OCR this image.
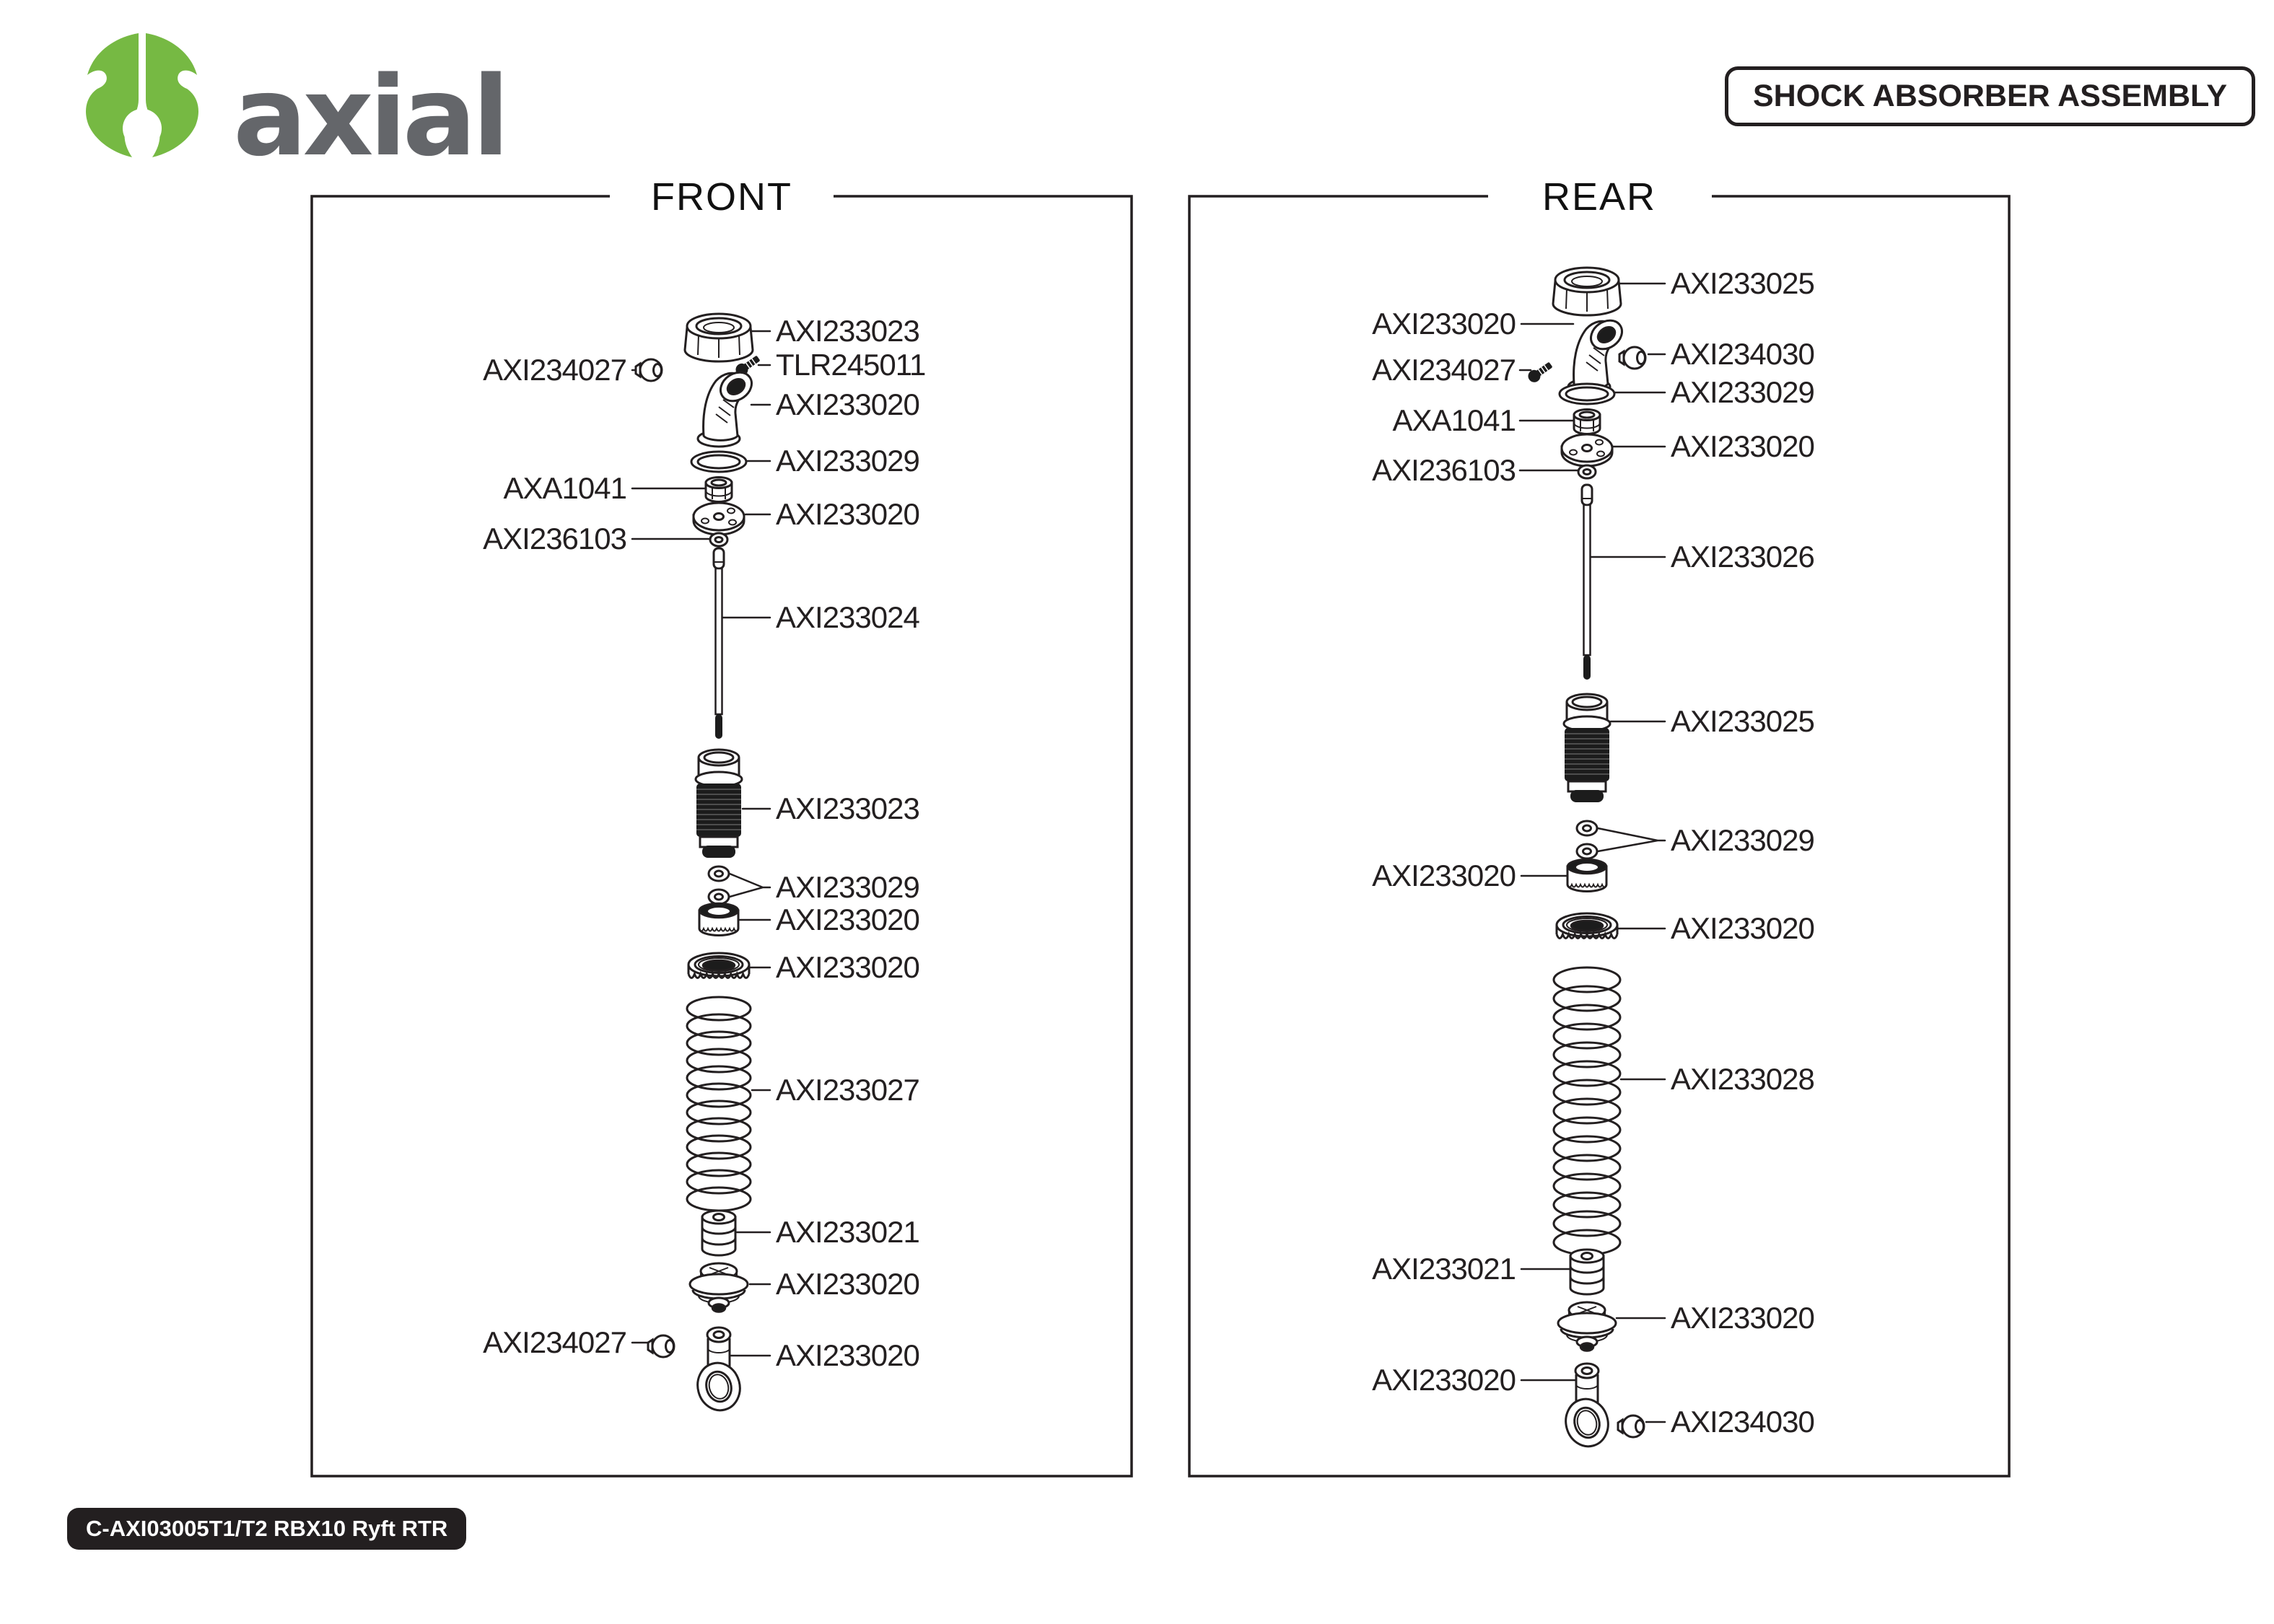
axial	SHOCK ABSORBER ASSEMBLY
FRONT
AXI233023
TLR245011
AXI234027
AXI233020
AXI233029
AXA1041
AXI233020
AXI236103
AXI233024
AXI233023
AXI233029
AXI233020
AXI233020
AXI233027
AXI233021
AXI233020
AXI234027	AXI233020
REAR
AXI233025
AXI233020
AXI234030
AXI234027
AXI233029
AXA1041
AXI233020
AXI236103
AXI233026
AXI233025
AXI233029
AXI233020
AXI233020
AXI233028
AXI233021
AXI233020
AXI233020
AXI234030
C-AXI03005T1/T2 RBX10 Ryft RTR
